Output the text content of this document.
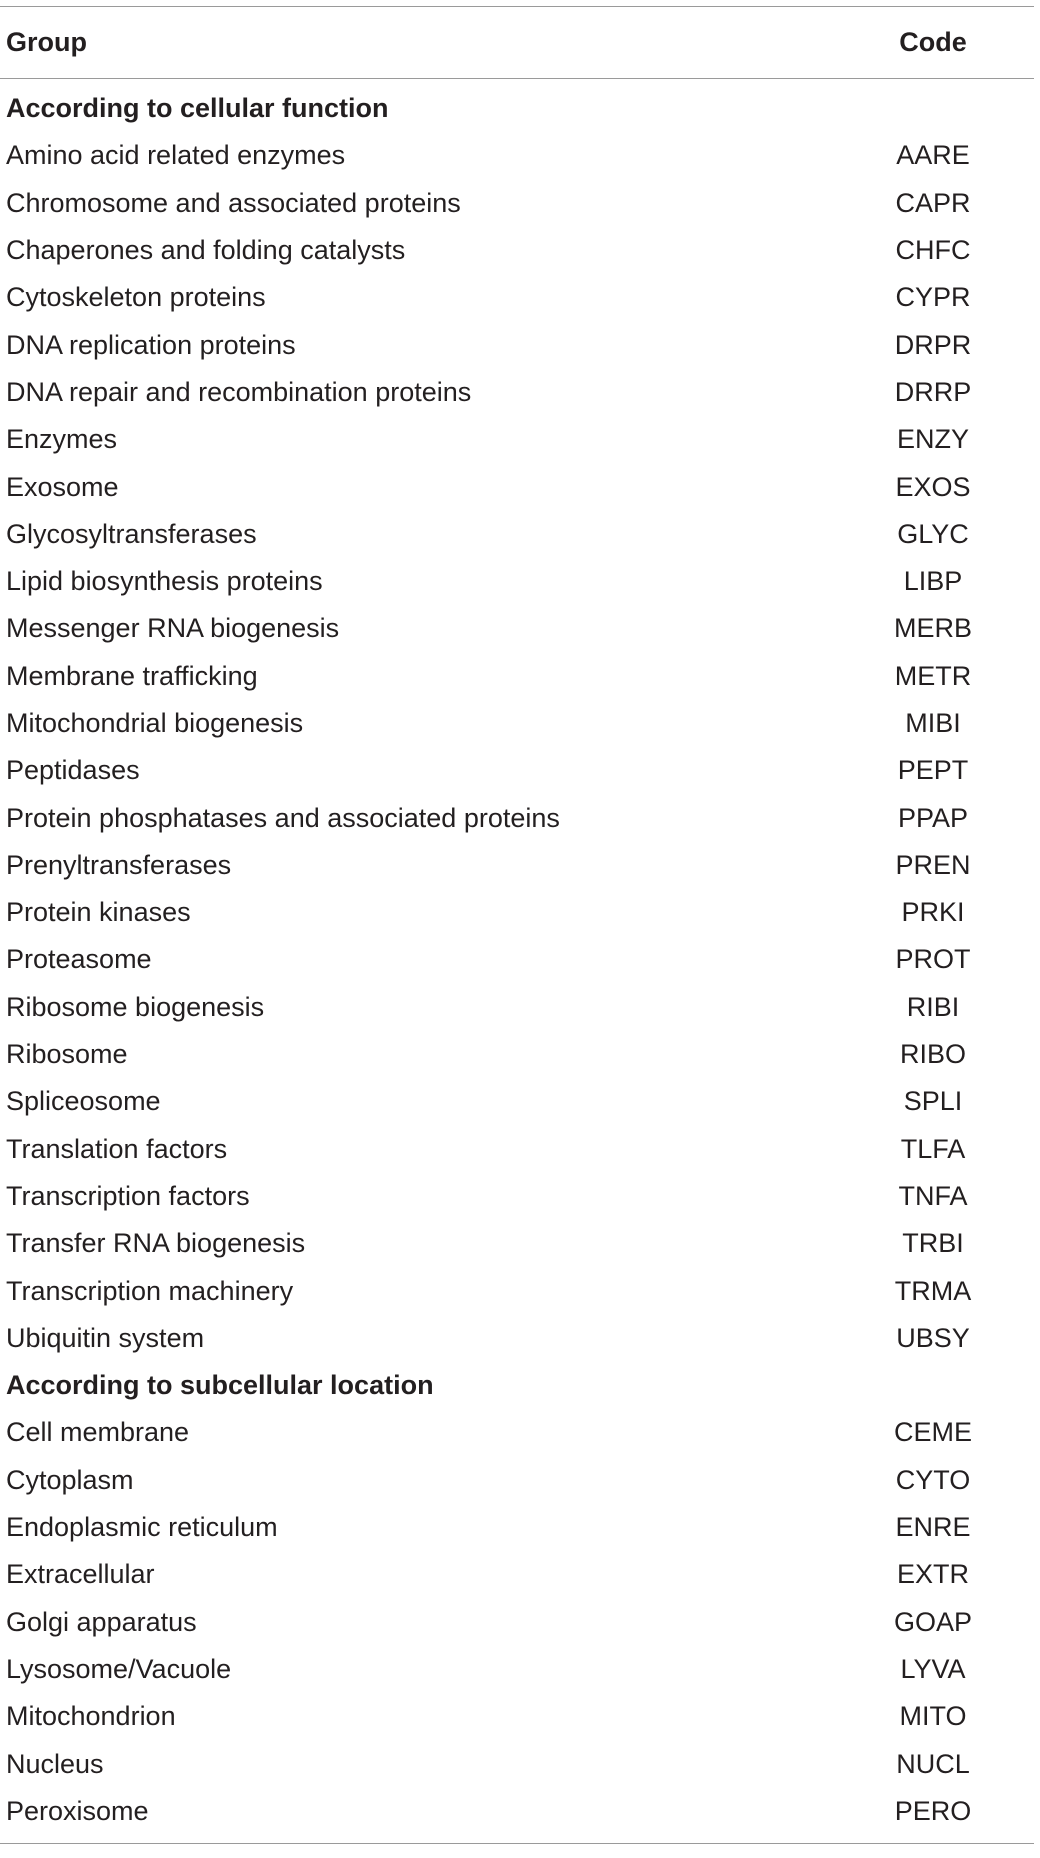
Group	Code
According to cellular function
Amino acid related enzymes	AARE
Chromosome and associated proteins	CAPR
Chaperones and folding catalysts	CHFC
Cytoskeleton proteins	CYPR
DNA replication proteins	DRPR
DNA repair and recombination proteins	DRRP
Enzymes	ENZY
Exosome	EXOS
Glycosyltransferases	GLYC
Lipid biosynthesis proteins	LIBP
Messenger RNA biogenesis	MERB
Membrane trafficking	METR
Mitochondrial biogenesis	MIBI
Peptidases	PEPT
Protein phosphatases and associated proteins	PPAP
Prenyltransferases	PREN
Protein kinases	PRKI
Proteasome	PROT
Ribosome biogenesis	RIBI
Ribosome	RIBO
Spliceosome	SPLI
Translation factors	TLFA
Transcription factors	TNFA
Transfer RNA biogenesis	TRBI
Transcription machinery	TRMA
Ubiquitin system	UBSY
According to subcellular location
Cell membrane	CEME
Cytoplasm	CYTO
Endoplasmic reticulum	ENRE
Extracellular	EXTR
Golgi apparatus	GOAP
Lysosome/Vacuole	LYVA
Mitochondrion	MITO
Nucleus	NUCL
Peroxisome	PERO
